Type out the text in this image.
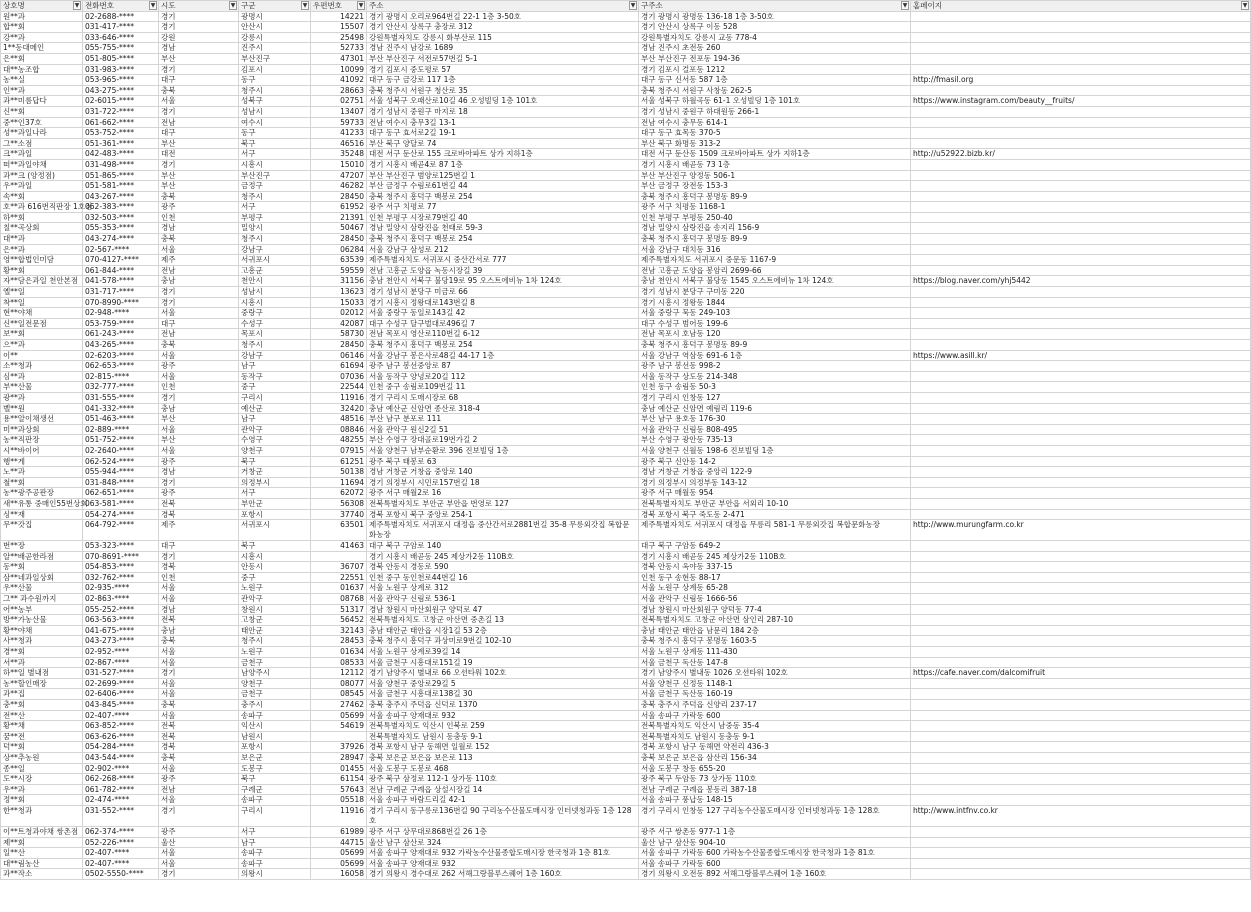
상호명 ▼	전화번호 ▼	시도 ▼	구군 ▼	우편번호 ▼	주소 ▼	구주소 ▼	홈페이지 ▼

원**과	02-2688-****	경기	광명시	14221	경기 광명시 오리로964번길 22-1 1층 3-50호	경기 광명시 광명동 136-18 1층 3-50호	
합**회	031-417-****	경기	안산시	15507	경기 안산시 상록구 충장로 312	경기 안산시 상록구 이동 528	
강**과	033-646-****	강원	강릉시	25498	강원특별자치도 강릉시 화부산로 115	강원특별자치도 강릉시 교동 778-4	
1**동대메인	055-755-****	경남	진주시	52733	경남 진주시 남강로 1689	경남 진주시 초전동 260	
은**회	051-805-****	부산	부산진구	47301	부산 부산진구 서전로57번길 5-1	부산 부산진구 전포동 194-36	
대**농조합	031-983-****	경기	김포시	10099	경기 김포시 중도평로 57	경기 김포시 걸포동 1212	
농**실	053-965-****	대구	동구	41092	대구 동구 금강로 117 1층	대구 동구 신서동 587 1층	http://fmasil.org
인**과	043-275-****	충북	청주시	28663	충북 청주시 서원구 청산로 35	충북 청주시 서원구 사창동 262-5	
과**미름답다	02-6015-****	서울	성북구	02751	서울 성북구 오패산로10길 46 오성빌딩 1층 101호	서울 성북구 하월곡동 61-1 오성빌딩 1층 101호	https://www.instagram.com/beauty__fruits/
신**회	031-722-****	경기	성남시	13407	경기 성남시 중원구 마지로 18	경기 성남시 중원구 하대원동 266-1	
중**인37호	061-662-****	전남	여수시	59733	전남 여수시 충무3길 13-1	전남 여수시 충무동 614-1	
성**과일나라	053-752-****	대구	동구	41233	대구 동구 효서로2길 19-1	대구 동구 효목동 370-5	
그**소점	051-361-****	부산	북구	46516	부산 북구 양달로 74	부산 북구 화명동 313-2	
크**과일	042-483-****	대전	서구	35248	대전 서구 둔산로 155 크로바아파트 상가 지하1층	대전 서구 둔산동 1509 크로바아파트 상가 지하1층	http://u52922.bizb.kr/
떠**과일야채	031-498-****	경기	시흥시	15010	경기 시흥시 배곧4로 87 1층	경기 시흥시 배곧동 73 1층	
과**크 (양정점)	051-865-****	부산	부산진구	47207	부산 부산진구 범양로125번길 1	부산 부산진구 양정동 506-1	
우**과일	051-581-****	부산	금정구	46282	부산 금정구 수림로61번길 44	부산 금정구 장전동 153-3	
속**회	043-267-****	충북	청주시	28450	충북 청주시 흥덕구 백봉로 254	충북 청주시 흥덕구 봉명동 89-9	
호**과 616번직판장 1호점	062-383-****	광주	서구	61952	광주 서구 치평로 77	광주 서구 치평동 1168-1	
하**회	032-503-****	인천	부평구	21391	인천 부평구 시장로79번길 40	인천 부평구 부평동 250-40	
칠**곡상회	055-353-****	경남	밀양시	50467	경남 밀양시 삼랑진읍 천태로 59-3	경남 밀양시 삼랑진읍 송지리 156-9	
대**과	043-274-****	충북	청주시	28450	충북 청주시 흥덕구 백봉로 254	충북 청주시 흥덕구 봉명동 89-9	
은**과	02-567-****	서울	강남구	06284	서울 강남구 삼성로 212	서울 강남구 대치동 316	
영**합법인미담	070-4127-****	제주	서귀포시	63539	제주특별자치도 서귀포시 중산간서로 777	제주특별자치도 서귀포시 중문동 1167-9	
황**회	061-844-****	전남	고흥군	59559	전남 고흥군 도양읍 녹동시장길 39	전남 고흥군 도양읍 봉암리 2699-66	
자**담은과일 천안본점	041-578-****	충남	천안시	31156	충남 천안시 서북구 불당19로 95 오스트에비뉴 1차 124호	충남 천안시 서북구 불당동 1545 오스트에비뉴 1차 124호	https://blog.naver.com/yhj5442
옐**일	031-717-****	경기	성남시	13623	경기 성남시 분당구 미금로 66	경기 성남시 분당구 구미동 220	
착**일	070-8990-****	경기	시흥시	15033	경기 시흥시 정왕대로143번길 8	경기 시흥시 정왕동 1844	
현**야채	02-948-****	서울	중랑구	02012	서울 중랑구 동일로143길 42	서울 중랑구 묵동 249-103	
신**일전문점	053-759-****	대구	수성구	42087	대구 수성구 달구벌대로496길 7	대구 수성구 범어동 199-6	
보**회	061-243-****	전남	목포시	58730	전남 목포시 영산로110번길 6-12	전남 목포시 호남동 120	
으**과	043-265-****	충북	청주시	28450	충북 청주시 흥덕구 백봉로 254	충북 청주시 흥덕구 봉명동 89-9	
이**	02-6203-****	서울	강남구	06146	서울 강남구 봉은사로48길 44-17 1층	서울 강남구 역삼동 691-6 1층	https://www.asill.kr/
소**청과	062-653-****	광주	남구	61694	광주 남구 봉선중앙로 87	광주 남구 봉선동 998-2	
심**과	02-815-****	서울	동작구	07036	서울 동작구 양녕로20길 112	서울 동작구 상도동 214-348	
부**산물	032-777-****	인천	중구	22544	인천 중구 송림로109번길 11	인천 동구 송림동 50-3	
광**과	031-555-****	경기	구리시	11916	경기 구리시 도매시장로 68	경기 구리시 인창동 127	
벨**원	041-332-****	충남	예산군	32420	충남 예산군 신암면 종산로 318-4	충남 예산군 신암면 예림리 119-6	
용**알이채생선	051-463-****	부산	남구	48516	부산 남구 분포로 111	부산 남구 용호동 176-30	
미**과상회	02-889-****	서울	관악구	08846	서울 관악구 원신2길 51	서울 관악구 신림동 808-495	
농**직판장	051-752-****	부산	수영구	48255	부산 수영구 장대골로19번가길 2	부산 수영구 광안동 735-13	
시**바이어	02-2640-****	서울	양천구	07915	서울 양천구 남부순환로 396 진보빌딩 1층	서울 양천구 신월동 198-6 진보빌딩 1층	
행**게	062-524-****	광주	북구	61251	광주 북구 태봉로 63	광주 북구 신안동 14-2	
노**과	055-944-****	경남	거창군	50138	경남 거창군 거창읍 중앙로 140	경남 거창군 거창읍 중앙리 122-9	
철**회	031-848-****	경기	의정부시	11694	경기 의정부시 시민로157번길 18	경기 의정부시 의정부동 143-12	
농**광주공판장	062-651-****	광주	서구	62072	광주 서구 매월2로 16	광주 서구 매월동 954	
새**유통 중매인55번상회	063-581-****	전북	부안군	56308	전북특별자치도 부안군 부안읍 번영로 127	전북특별자치도 부안군 부안읍 서외리 10-10	
싱**재	054-274-****	경북	포항시	37740	경북 포항시 북구 중앙로 254-1	경북 포항시 북구 죽도동 2-471	
무**갓집	064-792-****	제주	서귀포시	63501	제주특별자치도 서귀포시 대정읍 중산간서로2881번길 35-8 무릉외갓집 복합문화농장	제주특별자치도 서귀포시 대정읍 무릉리 581-1 무릉외갓집 복합문화농장	http://www.murungfarm.co.kr
번**장	053-323-****	대구	북구	41463	대구 북구 구암로 140	대구 북구 구암동 649-2	
알**배곧한라점	070-8691-****	경기	시흥시		경기 시흥시 배곧동 245 제상가2동 110B호	경기 시흥시 배곧동 245 제상가2동 110B호	
동**회	054-853-****	경북	안동시	36707	경북 안동시 경동로 590	경북 안동시 옥야동 337-15	
삼**네과일상회	032-762-****	인천	중구	22551	인천 중구 동인천로44번길 16	인천 동구 송현동 88-17	
우**산물	02-935-****	서울	노원구	01637	서울 노원구 상계로 312	서울 노원구 상계동 65-28	
그** 과수원까지	02-863-****	서울	관악구	08768	서울 관악구 신림로 536-1	서울 관악구 신림동 1666-56	
어**농부	055-252-****	경남	창원시	51317	경남 창원시 마산회원구 양덕로 47	경남 창원시 마산회원구 양덕동 77-4	
방**가농산물	063-563-****	전북	고창군	56452	전북특별자치도 고창군 아산면 중촌길 13	전북특별자치도 고창군 아산면 삼인리 287-10	
황**야채	041-675-****	충남	태안군	32143	충남 태안군 태안읍 시장1길 53 2층	충남 태안군 태안읍 남문리 184 2층	
사**청과	043-273-****	충북	청주시	28453	충북 청주시 흥덕구 과상미로9번길 102-10	충북 청주시 흥덕구 봉명동 1603-5	
경**회	02-952-****	서울	노원구	01634	서울 노원구 상계로39길 14	서울 노원구 상계동 111-430	
서**과	02-867-****	서울	금천구	08533	서울 금천구 시흥대로151길 19	서울 금천구 독산동 147-8	
하**일 별내점	031-527-****	경기	남양주시	12112	경기 남양주시 별내로 66 오션타워 102호	경기 남양주시 별내동 1026 오션타워 102호	https://cafe.naver.com/dalcomifruit
농**할인매장	02-2699-****	서울	양천구	08077	서울 양천구 중앙로29길 5	서울 양천구 신정동 1148-1	
과**집	02-6406-****	서울	금천구	08545	서울 금천구 시흥대로138길 30	서울 금천구 독산동 160-19	
충**회	043-845-****	충북	충주시	27462	충북 충주시 주덕읍 신덕로 1370	충북 충주시 주덕읍 신양리 237-17	
전**산	02-407-****	서울	송파구	05699	서울 송파구 양재대로 932	서울 송파구 가락동 600	
황**채	063-852-****	전북	익산시	54619	전북특별자치도 익산시 인북로 259	전북특별자치도 익산시 남중동 35-4	
꿈**전	063-626-****	전북	남원시		전북특별자치도 남원시 동충동 9-1	전북특별자치도 남원시 동충동 9-1	
덕**회	054-284-****	경북	포항시	37926	경북 포항시 남구 동해면 일월로 152	경북 포항시 남구 동해면 약전리 436-3	
상**추농원	043-544-****	충북	보은군	28947	충북 보은군 보은읍 보은로 113	충북 보은군 보은읍 삼산리 156-34	
종**일	02-902-****	서울	도봉구	01455	서울 도봉구 도봉로 468	서울 도봉구 창동 655-20	
도**시장	062-268-****	광주	북구	61154	광주 북구 삼정로 112-1 상가동 110호	광주 북구 두암동 73 상가동 110호	
우**과	061-782-****	전남	구례군	57643	전남 구례군 구례읍 상설시장길 14	전남 구례군 구례읍 봉동리 387-18	
정**회	02-474-****	서울	송파구	05518	서울 송파구 바람드리길 42-1	서울 송파구 풍납동 148-15	
한**청과	031-552-****	경기	구리시	11916	경기 구리시 동구릉로136번길 90 구리농수산물도매시장 인터넷청과동 1층 128호	경기 구리시 인창동 127 구리농수산물도매시장 인터넷청과동 1층 128호	http://www.intfnv.co.kr
이**트청과야채 쌍촌점	062-374-****	광주	서구	61989	광주 서구 상무대로868번길 26 1층	광주 서구 쌍촌동 977-1 1층	
제**회	052-226-****	울산	남구	44715	울산 남구 삼산로 324	울산 남구 삼산동 904-10	
일**산	02-407-****	서울	송파구	05699	서울 송파구 양재대로 932 가락농수산물종합도매시장 한국청과 1층 81호	서울 송파구 가락동 600 가락농수산물종합도매시장 한국청과 1층 81호	
대**림농산	02-407-****	서울	송파구	05699	서울 송파구 양재대로 932	서울 송파구 가락동 600	
과**작소	0502-5550-****	경기	의왕시	16058	경기 의왕시 경수대로 262 서해그랑블루스퀘어 1층 160호	경기 의왕시 오전동 892 서해그랑블루스퀘어 1층 160호	
